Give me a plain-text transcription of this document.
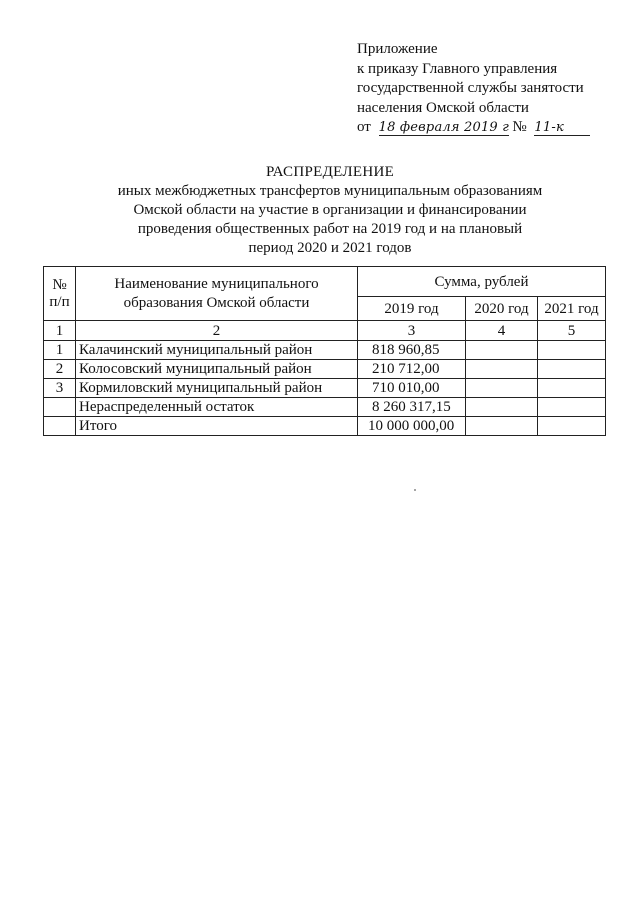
Приложение
к приказу Главного управления
государственной службы занятости
населения Омской области
от 18 февраля 2019 г № 11-к
РАСПРЕДЕЛЕНИЕ
иных межбюджетных трансфертов муниципальным образованиям
Омской области на участие в организации и финансировании
проведения общественных работ на 2019 год и на плановый
период 2020 и 2021 годов
№ п/п	Наименование муниципального образования Омской области	Сумма, рублей		
		2019 год	2020 год	2021 год
1	2	3	4	5
1	Калачинский муниципальный район	818 960,85		
2	Колосовский муниципальный район	210 712,00		
3	Кормиловский муниципальный район	710 010,00		
	Нераспределенный остаток	8 260 317,15		
	Итого	10 000 000,00		
